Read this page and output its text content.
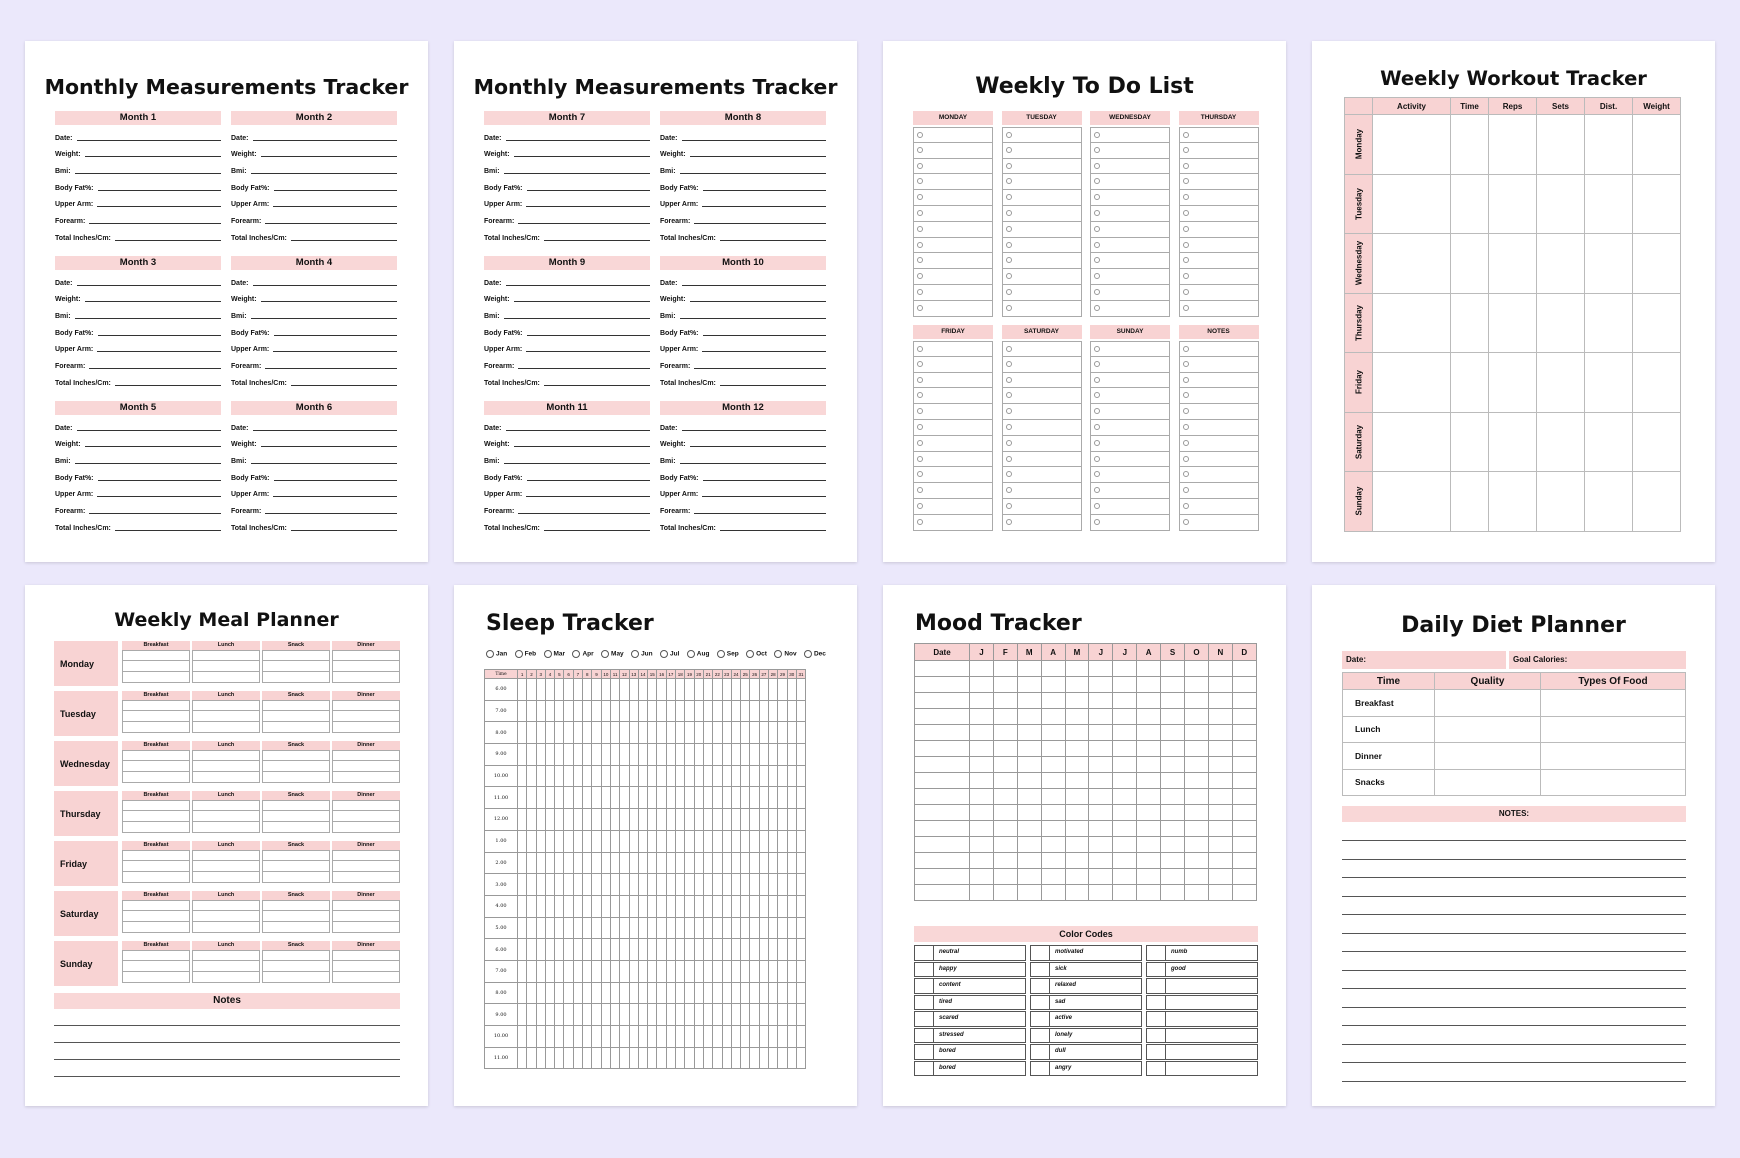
Monthly Measurements Tracker
Month 1
Date:
Weight:
Bmi:
Body Fat%:
Upper Arm:
Forearm:
Total Inches/Cm:
Month 2
Date:
Weight:
Bmi:
Body Fat%:
Upper Arm:
Forearm:
Total Inches/Cm:
Month 3
Date:
Weight:
Bmi:
Body Fat%:
Upper Arm:
Forearm:
Total Inches/Cm:
Month 4
Date:
Weight:
Bmi:
Body Fat%:
Upper Arm:
Forearm:
Total Inches/Cm:
Month 5
Date:
Weight:
Bmi:
Body Fat%:
Upper Arm:
Forearm:
Total Inches/Cm:
Month 6
Date:
Weight:
Bmi:
Body Fat%:
Upper Arm:
Forearm:
Total Inches/Cm:
Monthly Measurements Tracker
Month 7
Date:
Weight:
Bmi:
Body Fat%:
Upper Arm:
Forearm:
Total Inches/Cm:
Month 8
Date:
Weight:
Bmi:
Body Fat%:
Upper Arm:
Forearm:
Total Inches/Cm:
Month 9
Date:
Weight:
Bmi:
Body Fat%:
Upper Arm:
Forearm:
Total Inches/Cm:
Month 10
Date:
Weight:
Bmi:
Body Fat%:
Upper Arm:
Forearm:
Total Inches/Cm:
Month 11
Date:
Weight:
Bmi:
Body Fat%:
Upper Arm:
Forearm:
Total Inches/Cm:
Month 12
Date:
Weight:
Bmi:
Body Fat%:
Upper Arm:
Forearm:
Total Inches/Cm:
Weekly To Do List
MONDAY	TUESDAY	WEDNESDAY	THURSDAY
FRIDAY	SATURDAY	SUNDAY	NOTES
Weekly Workout Tracker
	Activity	Time	Reps	Sets	Dist.	Weight

Monday						

Tuesday						

Wednesday						

Thursday						

Friday						

Saturday						

Sunday						

Weekly Meal Planner
Monday
Breakfast	Lunch	Snack	Dinner
Tuesday
Breakfast	Lunch	Snack	Dinner
Wednesday
Breakfast	Lunch	Snack	Dinner
Thursday
Breakfast	Lunch	Snack	Dinner
Friday
Breakfast	Lunch	Snack	Dinner
Saturday
Breakfast	Lunch	Snack	Dinner
Sunday
Breakfast	Lunch	Snack	Dinner
Notes
Sleep Tracker
Jan	Feb	Mar	Apr	May	Jun	Jul	Aug	Sep	Oct	Nov	Dec
Time	1	2	3	4	5	6	7	8	9	10	11	12	13	14	15	16	17	18	19	20	21	22	23	24	25	26	27	28	29	30	31
6.00																															
7.00																															
8.00																															
9.00																															
10.00																															
11.00																															
12.00																															
1.00																															
2.00																															
3.00																															
4.00																															
5.00																															
6.00																															
7.00																															
8.00																															
9.00																															
10.00																															
11.00																															
Mood Tracker
Date	J	F	M	A	M	J	J	A	S	O	N	D

Color Codes
neutral	motivated	numb
happy	sick	good
content	relaxed
tired	sad
scared	active
stressed	lonely
bored	dull
bored	angry
Daily Diet Planner
Date:	Goal Calories:
Time	Quality	Types Of Food
Breakfast		
Lunch		
Dinner		
Snacks		
NOTES:
